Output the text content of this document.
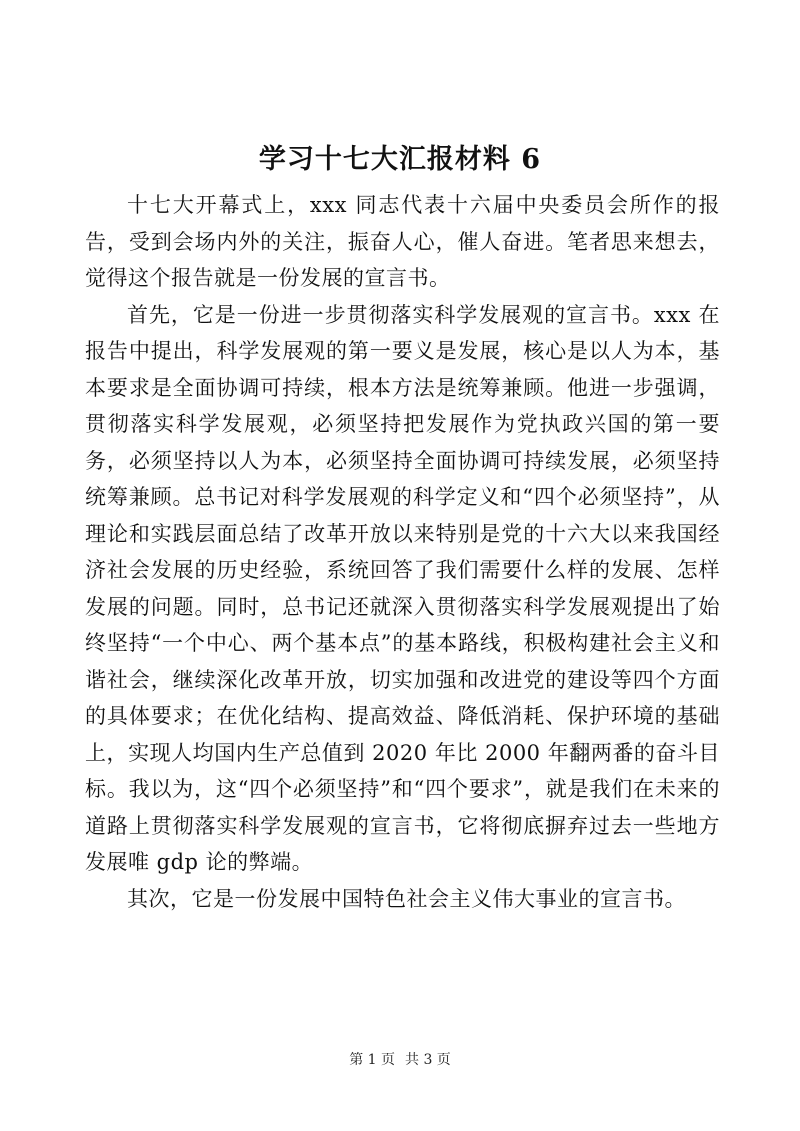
学习十七大汇报材料 6

十七大开幕式上，xxx 同志代表十六届中央委员会所作的报告，受到会场内外的关注，振奋人心，催人奋进。笔者思来想去，觉得这个报告就是一份发展的宣言书。

首先，它是一份进一步贯彻落实科学发展观的宣言书。xxx 在报告中提出，科学发展观的第一要义是发展，核心是以人为本，基本要求是全面协调可持续，根本方法是统筹兼顾。他进一步强调，贯彻落实科学发展观，必须坚持把发展作为党执政兴国的第一要务，必须坚持以人为本，必须坚持全面协调可持续发展，必须坚持统筹兼顾。总书记对科学发展观的科学定义和“四个必须坚持”，从理论和实践层面总结了改革开放以来特别是党的十六大以来我国经济社会发展的历史经验，系统回答了我们需要什么样的发展、怎样发展的问题。同时，总书记还就深入贯彻落实科学发展观提出了始终坚持“一个中心、两个基本点”的基本路线，积极构建社会主义和谐社会，继续深化改革开放，切实加强和改进党的建设等四个方面的具体要求；在优化结构、提高效益、降低消耗、保护环境的基础上，实现人均国内生产总值到 2020 年比 2000 年翻两番的奋斗目标。我以为，这“四个必须坚持”和“四个要求”，就是我们在未来的道路上贯彻落实科学发展观的宣言书，它将彻底摒弃过去一些地方发展唯 gdp 论的弊端。

其次，它是一份发展中国特色社会主义伟大事业的宣言书。

第 1 页 共 3 页
